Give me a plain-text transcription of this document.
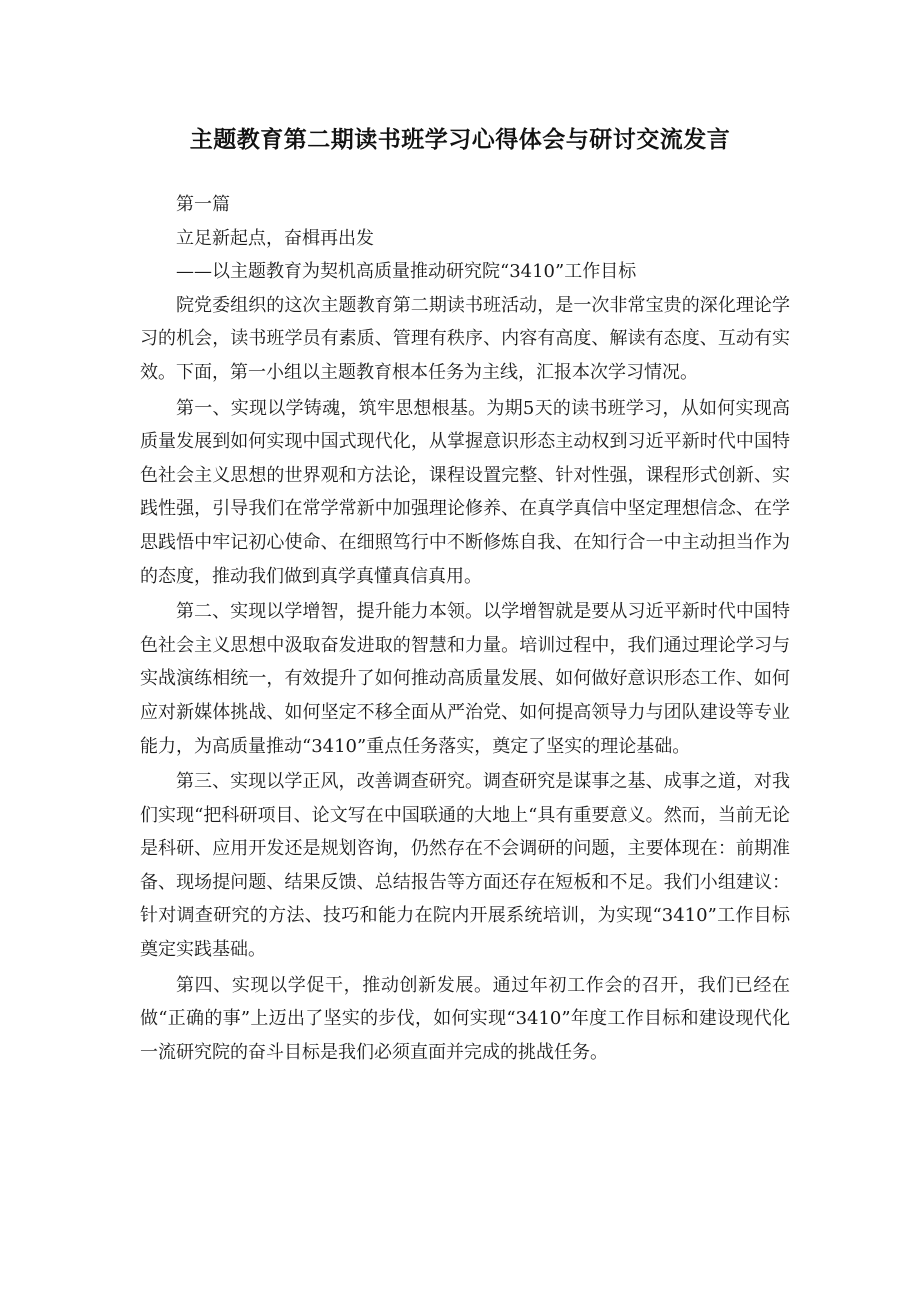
主题教育第二期读书班学习心得体会与研讨交流发言

第一篇

立足新起点，奋楫再出发

——以主题教育为契机高质量推动研究院“3410”工作目标

院党委组织的这次主题教育第二期读书班活动，是一次非常宝贵的深化理论学习的机会，读书班学员有素质、管理有秩序、内容有高度、解读有态度、互动有实效。下面，第一小组以主题教育根本任务为主线，汇报本次学习情况。

第一、实现以学铸魂，筑牢思想根基。为期5天的读书班学习，从如何实现高质量发展到如何实现中国式现代化，从掌握意识形态主动权到习近平新时代中国特色社会主义思想的世界观和方法论，课程设置完整、针对性强，课程形式创新、实践性强，引导我们在常学常新中加强理论修养、在真学真信中坚定理想信念、在学思践悟中牢记初心使命、在细照笃行中不断修炼自我、在知行合一中主动担当作为的态度，推动我们做到真学真懂真信真用。

第二、实现以学增智，提升能力本领。以学增智就是要从习近平新时代中国特色社会主义思想中汲取奋发进取的智慧和力量。培训过程中，我们通过理论学习与实战演练相统一，有效提升了如何推动高质量发展、如何做好意识形态工作、如何应对新媒体挑战、如何坚定不移全面从严治党、如何提高领导力与团队建设等专业能力，为高质量推动“3410”重点任务落实，奠定了坚实的理论基础。

第三、实现以学正风，改善调查研究。调查研究是谋事之基、成事之道，对我们实现“把科研项目、论文写在中国联通的大地上“具有重要意义。然而，当前无论是科研、应用开发还是规划咨询，仍然存在不会调研的问题，主要体现在：前期准备、现场提问题、结果反馈、总结报告等方面还存在短板和不足。我们小组建议：针对调查研究的方法、技巧和能力在院内开展系统培训，为实现“3410”工作目标奠定实践基础。

第四、实现以学促干，推动创新发展。通过年初工作会的召开，我们已经在做“正确的事”上迈出了坚实的步伐，如何实现“3410”年度工作目标和建设现代化一流研究院的奋斗目标是我们必须直面并完成的挑战任务。
